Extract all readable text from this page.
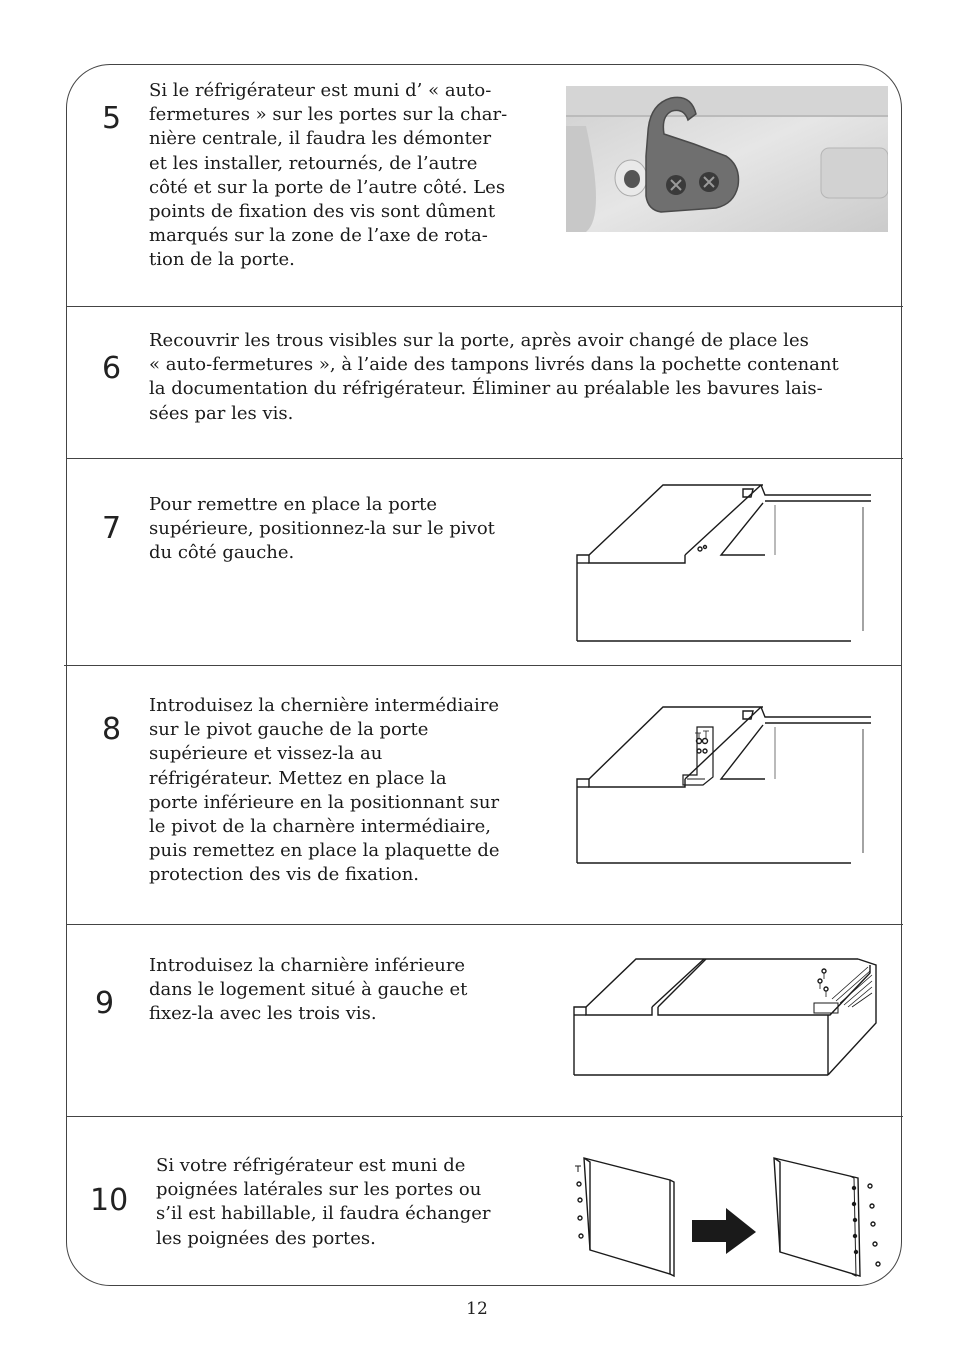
5
Si le réfrigérateur est muni d’ « auto-
fermetures » sur les portes sur la char-
nière centrale, il faudra les démonter
et les installer, retournés, de l’autre
côté et sur la porte de l’autre côté. Les
points de fixation des vis sont dûment
marqués sur la zone de l’axe de rota-
tion de la porte.
6
Recouvrir les trous visibles sur la porte, après avoir changé de place les
« auto-fermetures », à l’aide des tampons livrés dans la pochette contenant
la documentation du réfrigérateur. Éliminer au préalable les bavures lais-
sées par les vis.
7
Pour remettre en place la porte
supérieure, positionnez-la sur le pivot
du côté gauche.
8
Introduisez la chernière intermédiaire
sur le pivot gauche de la porte
supérieure et vissez-la au
réfrigérateur. Mettez en place la
porte inférieure en la positionnant sur
le pivot de la charnère intermédiaire,
puis remettez en place la plaquette de
protection des vis de fixation.
9
Introduisez la charnière inférieure
dans le logement situé à gauche et
fixez-la avec les trois vis.
10
Si votre réfrigérateur est muni de
poignées latérales sur les portes ou
s’il est habillable, il faudra échanger
les poignées des portes.
12
